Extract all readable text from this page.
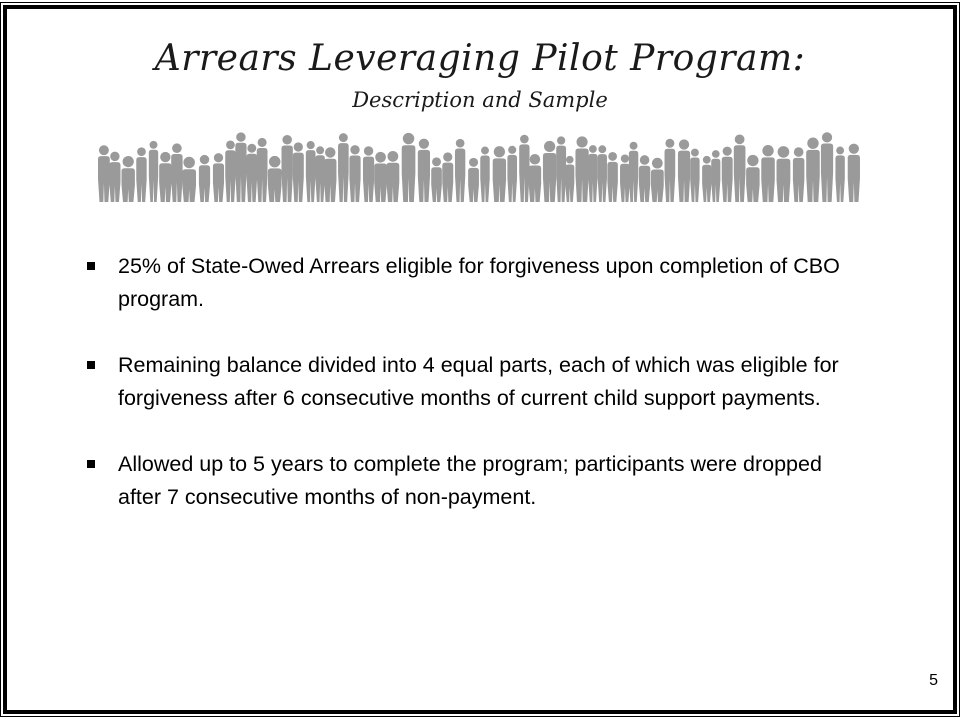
Arrears Leveraging Pilot Program:
Description and Sample
25% of State-Owed Arrears eligible for forgiveness upon completion of CBO program.
Remaining balance divided into 4 equal parts, each of which was eligible for forgiveness after 6 consecutive months of current child support payments.
Allowed up to 5 years to complete the program; participants were dropped after 7 consecutive months of non-payment.
5
